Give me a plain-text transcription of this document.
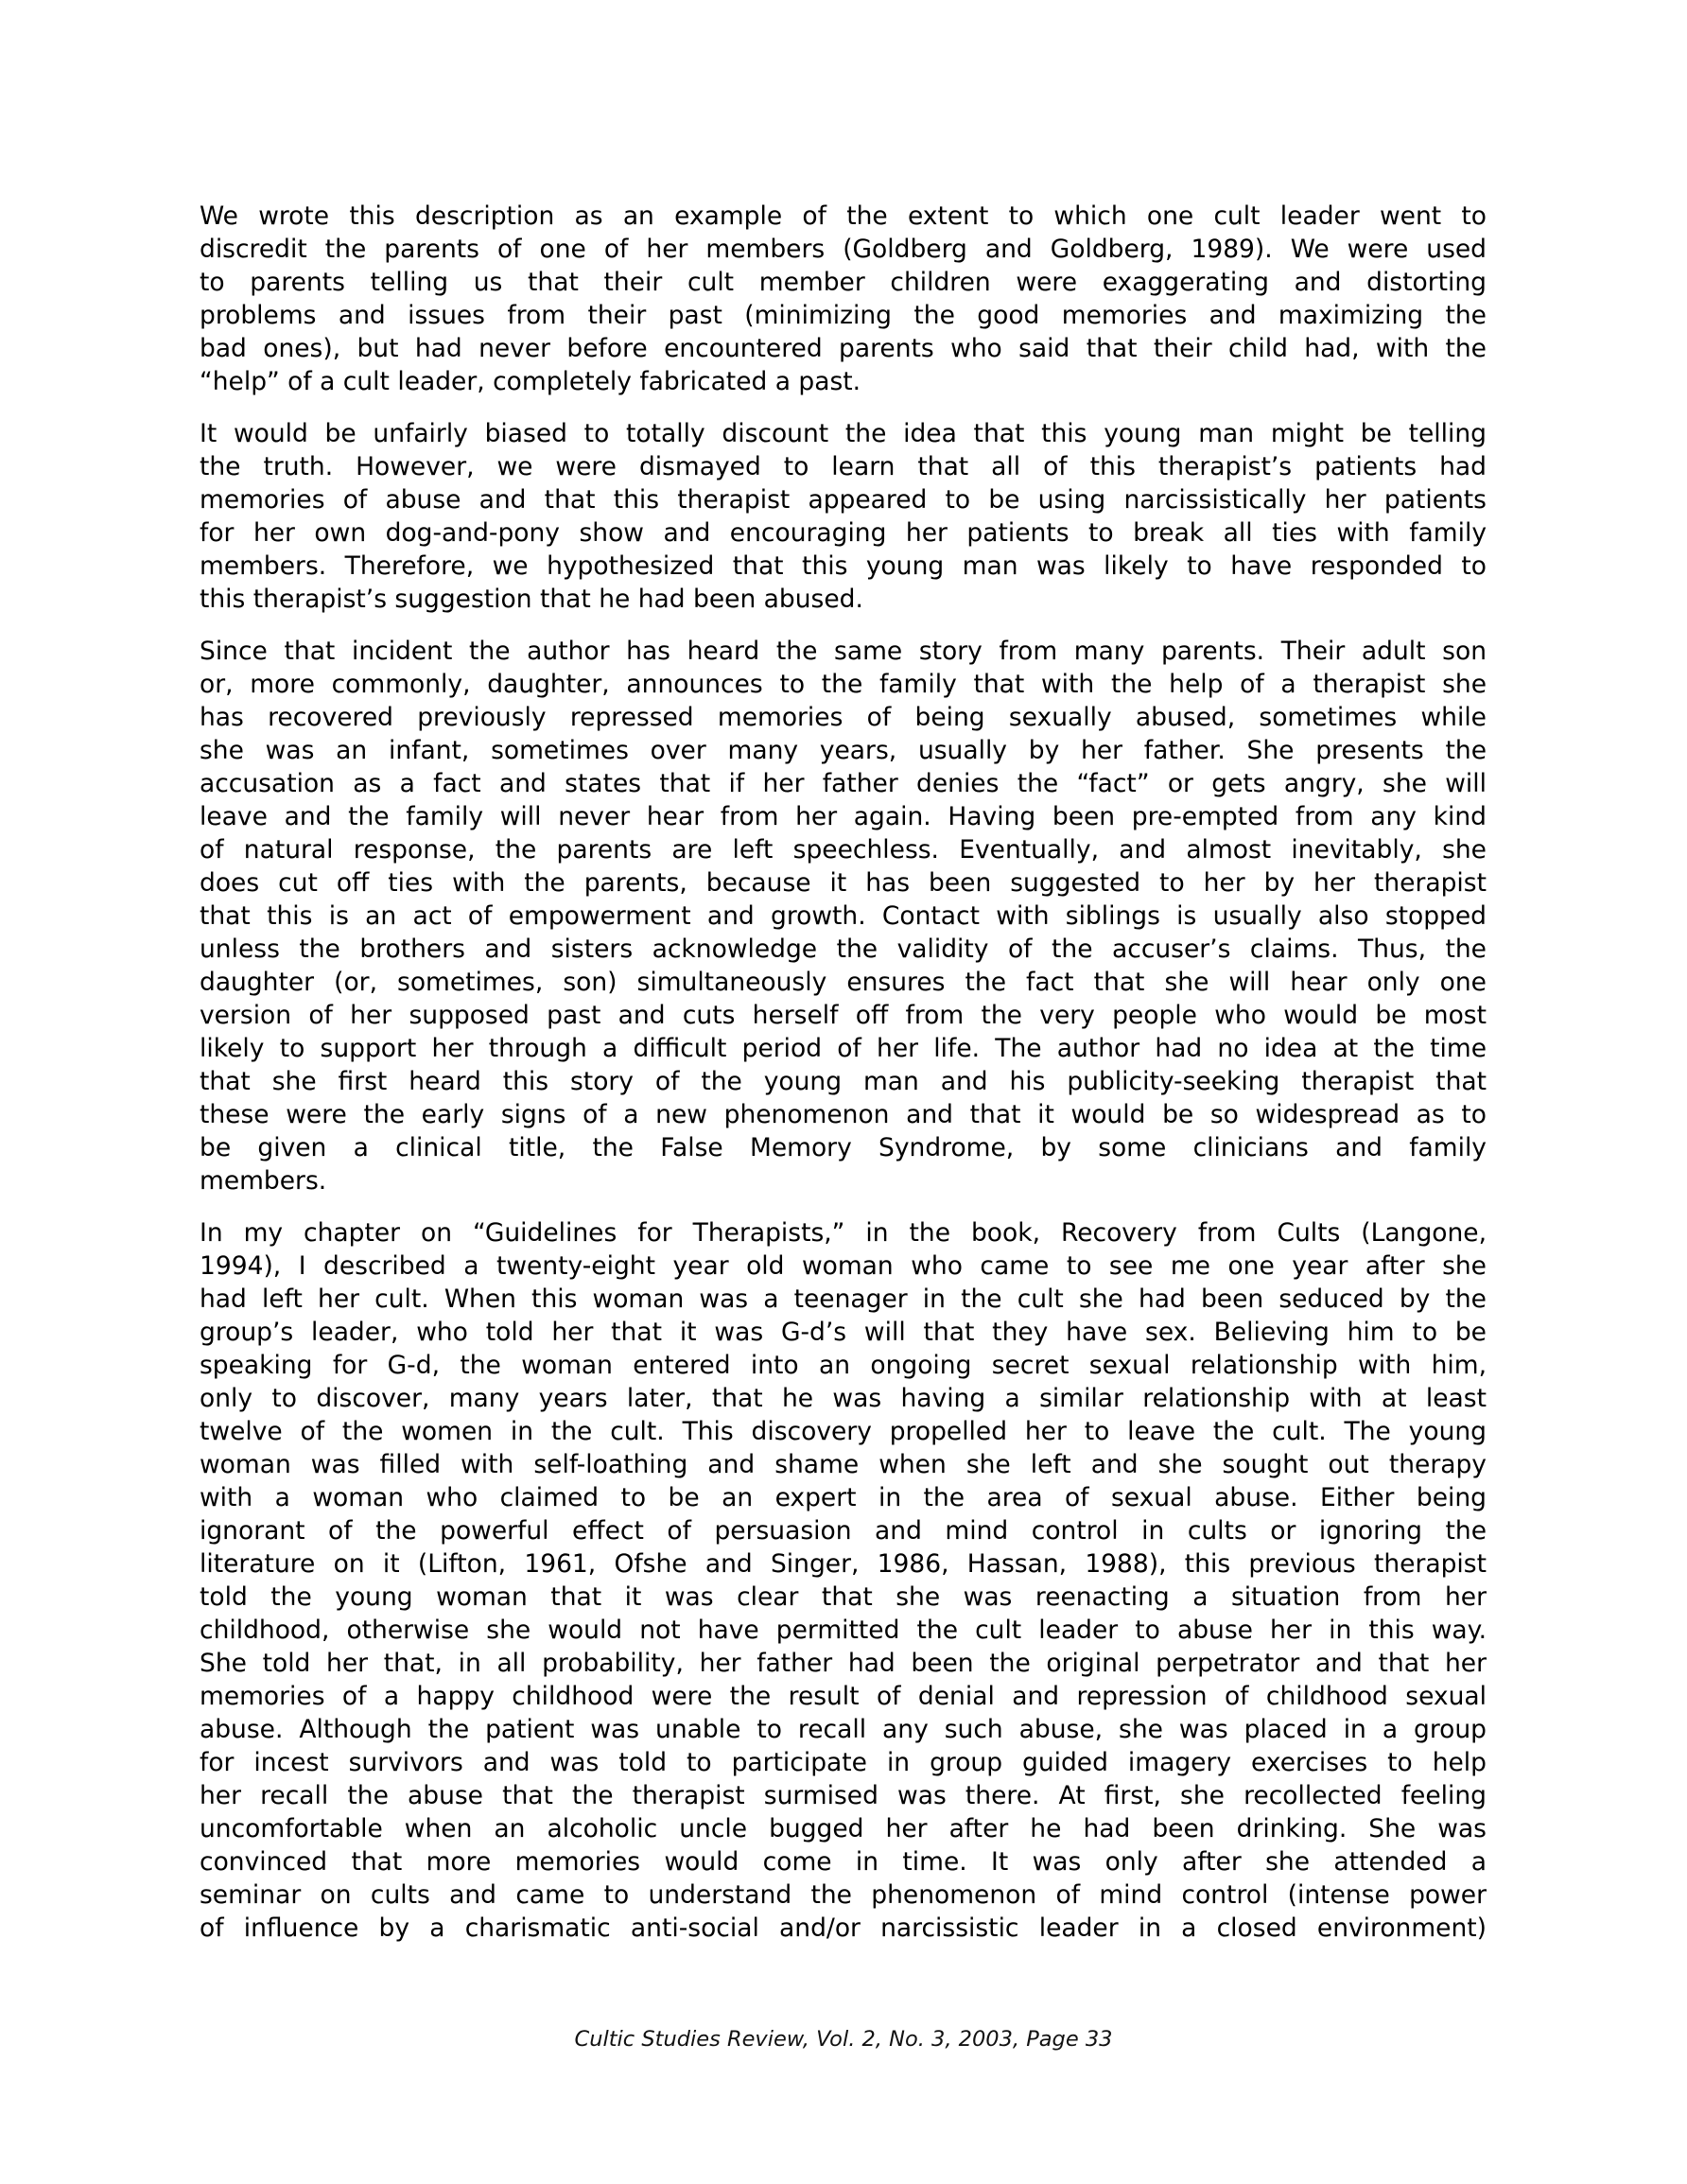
We wrote this description as an example of the extent to which one cult leader went to
discredit the parents of one of her members (Goldberg and Goldberg, 1989). We were used
to parents telling us that their cult member children were exaggerating and distorting
problems and issues from their past (minimizing the good memories and maximizing the
bad ones), but had never before encountered parents who said that their child had, with the
“help” of a cult leader, completely fabricated a past.
It would be unfairly biased to totally discount the idea that this young man might be telling
the truth. However, we were dismayed to learn that all of this therapist’s patients had
memories of abuse and that this therapist appeared to be using narcissistically her patients
for her own dog-and-pony show and encouraging her patients to break all ties with family
members. Therefore, we hypothesized that this young man was likely to have responded to
this therapist’s suggestion that he had been abused.
Since that incident the author has heard the same story from many parents. Their adult son
or, more commonly, daughter, announces to the family that with the help of a therapist she
has recovered previously repressed memories of being sexually abused, sometimes while
she was an infant, sometimes over many years, usually by her father. She presents the
accusation as a fact and states that if her father denies the “fact” or gets angry, she will
leave and the family will never hear from her again. Having been pre-empted from any kind
of natural response, the parents are left speechless. Eventually, and almost inevitably, she
does cut off ties with the parents, because it has been suggested to her by her therapist
that this is an act of empowerment and growth. Contact with siblings is usually also stopped
unless the brothers and sisters acknowledge the validity of the accuser’s claims. Thus, the
daughter (or, sometimes, son) simultaneously ensures the fact that she will hear only one
version of her supposed past and cuts herself off from the very people who would be most
likely to support her through a difficult period of her life. The author had no idea at the time
that she first heard this story of the young man and his publicity-seeking therapist that
these were the early signs of a new phenomenon and that it would be so widespread as to
be given a clinical title, the False Memory Syndrome, by some clinicians and family
members.
In my chapter on “Guidelines for Therapists,” in the book, Recovery from Cults (Langone,
1994), I described a twenty-eight year old woman who came to see me one year after she
had left her cult. When this woman was a teenager in the cult she had been seduced by the
group’s leader, who told her that it was G-d’s will that they have sex. Believing him to be
speaking for G-d, the woman entered into an ongoing secret sexual relationship with him,
only to discover, many years later, that he was having a similar relationship with at least
twelve of the women in the cult. This discovery propelled her to leave the cult. The young
woman was filled with self-loathing and shame when she left and she sought out therapy
with a woman who claimed to be an expert in the area of sexual abuse. Either being
ignorant of the powerful effect of persuasion and mind control in cults or ignoring the
literature on it (Lifton, 1961, Ofshe and Singer, 1986, Hassan, 1988), this previous therapist
told the young woman that it was clear that she was reenacting a situation from her
childhood, otherwise she would not have permitted the cult leader to abuse her in this way.
She told her that, in all probability, her father had been the original perpetrator and that her
memories of a happy childhood were the result of denial and repression of childhood sexual
abuse. Although the patient was unable to recall any such abuse, she was placed in a group
for incest survivors and was told to participate in group guided imagery exercises to help
her recall the abuse that the therapist surmised was there. At first, she recollected feeling
uncomfortable when an alcoholic uncle bugged her after he had been drinking. She was
convinced that more memories would come in time. It was only after she attended a
seminar on cults and came to understand the phenomenon of mind control (intense power
of influence by a charismatic anti-social and/or narcissistic leader in a closed environment)
Cultic Studies Review, Vol. 2, No. 3, 2003, Page 33
